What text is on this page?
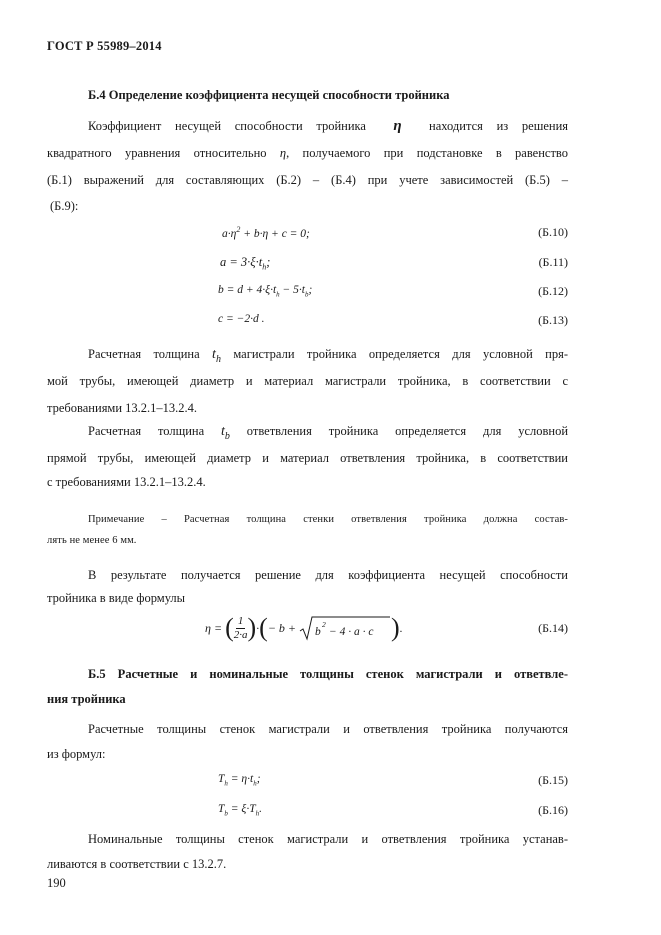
ГОСТ Р 55989–2014
Б.4 Определение коэффициента несущей способности тройника
Коэффициент несущей способности тройника η находится из решения
квадратного уравнения относительно η, получаемого при подстановке в равенство
(Б.1) выражений для составляющих (Б.2) – (Б.4) при учете зависимостей (Б.5) –
(Б.9):
$a\cdot\eta^2 + b\cdot\eta + c = 0$;	(Б.10)
$a = 3\cdot\xi\cdot t_h$;	(Б.11)
$b = d + 4\cdot\xi\cdot t_h - 5\cdot t_b$;	(Б.12)
c = −2·d .	(Б.13)
Расчетная толщина $t_h$ магистрали тройника определяется для условной пря-
мой трубы, имеющей диаметр и материал магистрали тройника, в соответствии с
требованиями 13.2.1–13.2.4.
Расчетная толщина $t_b$ ответвления тройника определяется для условной
прямой трубы, имеющей диаметр и материал ответвления тройника, в соответствии
с требованиями 13.2.1–13.2.4.
Примечание – Расчетная толщина стенки ответвления тройника должна состав-
лять не менее 6 мм.
В результате получается решение для коэффициента несущей способности
тройника в виде формулы
η = ( $\frac{1}{2\cdot a}$ ) · ( − b + b
2
− 4 · a · c ) .	(Б.14)
Б.5 Расчетные и номинальные толщины стенок магистрали и ответвле-
ния тройника
Расчетные толщины стенок магистрали и ответвления тройника получаются
из формул:
$T_h = \eta\cdot t_h$;	(Б.15)
$T_b = \xi\cdot T_h$.	(Б.16)
Номинальные толщины стенок магистрали и ответвления тройника устанав-
ливаются в соответствии с 13.2.7.
190
